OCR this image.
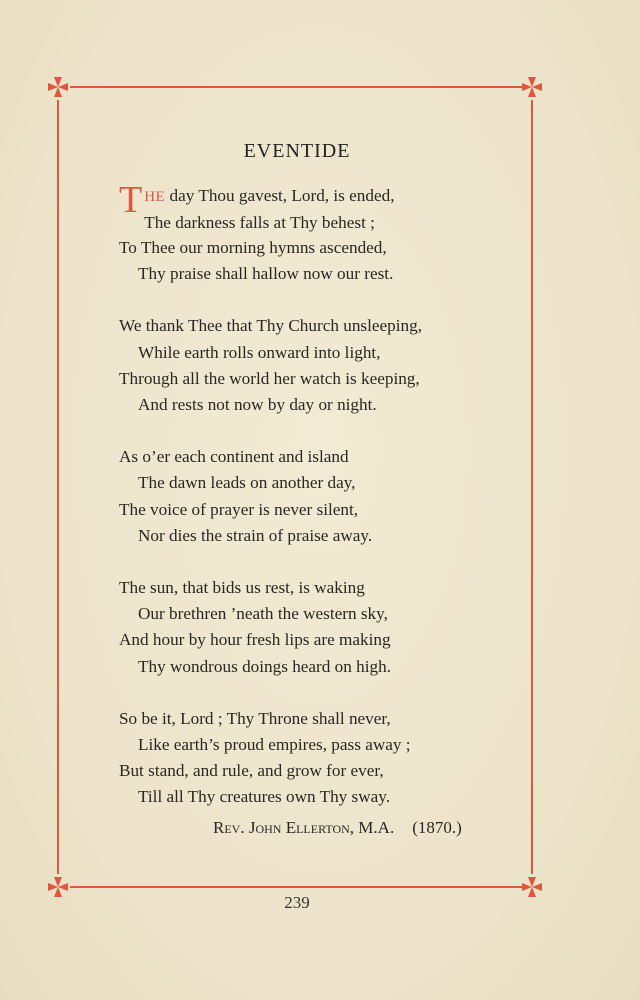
EVENTIDE
T HE day Thou gavest, Lord, is ended,
The darkness falls at Thy behest ;
To Thee our morning hymns ascended,
Thy praise shall hallow now our rest.
We thank Thee that Thy Church unsleeping,
While earth rolls onward into light,
Through all the world her watch is keeping,
And rests not now by day or night.
As o’er each continent and island
The dawn leads on another day,
The voice of prayer is never silent,
Nor dies the strain of praise away.
The sun, that bids us rest, is waking
Our brethren ’neath the western sky,
And hour by hour fresh lips are making
Thy wondrous doings heard on high.
So be it, Lord ; Thy Throne shall never,
Like earth’s proud empires, pass away ;
But stand, and rule, and grow for ever,
Till all Thy creatures own Thy sway.
Rev. John Ellerton, M.A. (1870.)
239
